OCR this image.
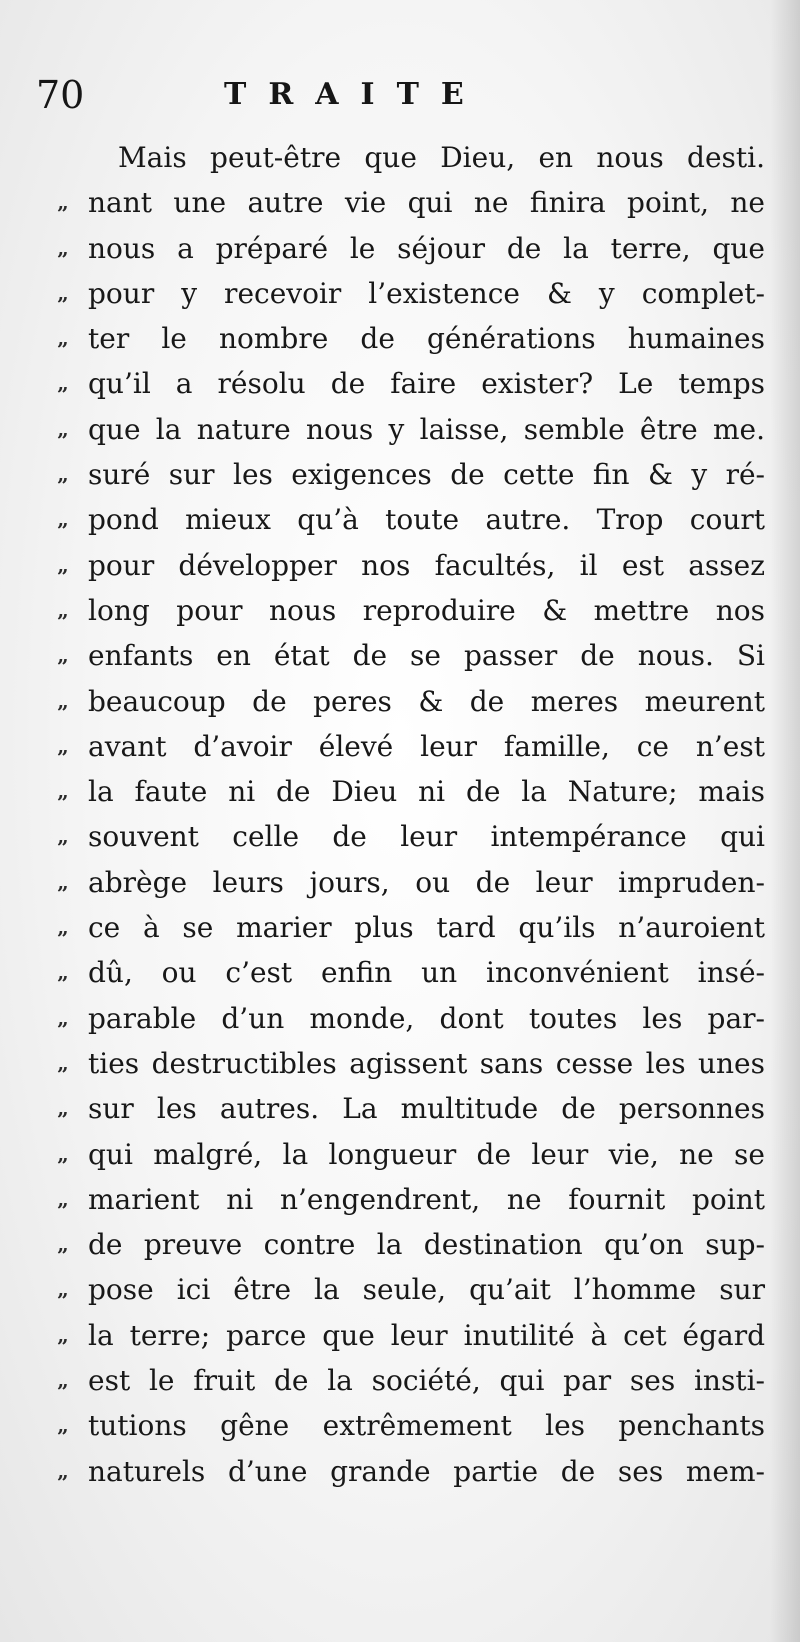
70	TRAITE
Mais peut-être que Dieu, en nous desti.
„ nant une autre vie qui ne finira point, ne
„ nous a préparé le séjour de la terre, que
„ pour y recevoir l’existence & y complet-
„ ter le nombre de générations humaines
„ qu’il a résolu de faire exister? Le temps
„ que la nature nous y laisse, semble être me.
„ suré sur les exigences de cette fin & y ré-
„ pond mieux qu’à toute autre. Trop court
„ pour développer nos facultés, il est assez
„ long pour nous reproduire & mettre nos
„ enfants en état de se passer de nous. Si
„ beaucoup de peres & de meres meurent
„ avant d’avoir élevé leur famille, ce n’est
„ la faute ni de Dieu ni de la Nature; mais
„ souvent celle de leur intempérance qui
„ abrège leurs jours, ou de leur impruden-
„ ce à se marier plus tard qu’ils n’auroient
„ dû, ou c’est enfin un inconvénient insé-
„ parable d’un monde, dont toutes les par-
„ ties destructibles agissent sans cesse les unes
„ sur les autres. La multitude de personnes
„ qui malgré, la longueur de leur vie, ne se
„ marient ni n’engendrent, ne fournit point
„ de preuve contre la destination qu’on sup-
„ pose ici être la seule, qu’ait l’homme sur
„ la terre; parce que leur inutilité à cet égard
„ est le fruit de la société, qui par ses insti-
„ tutions gêne extrêmement les penchants
„ naturels d’une grande partie de ses mem-
